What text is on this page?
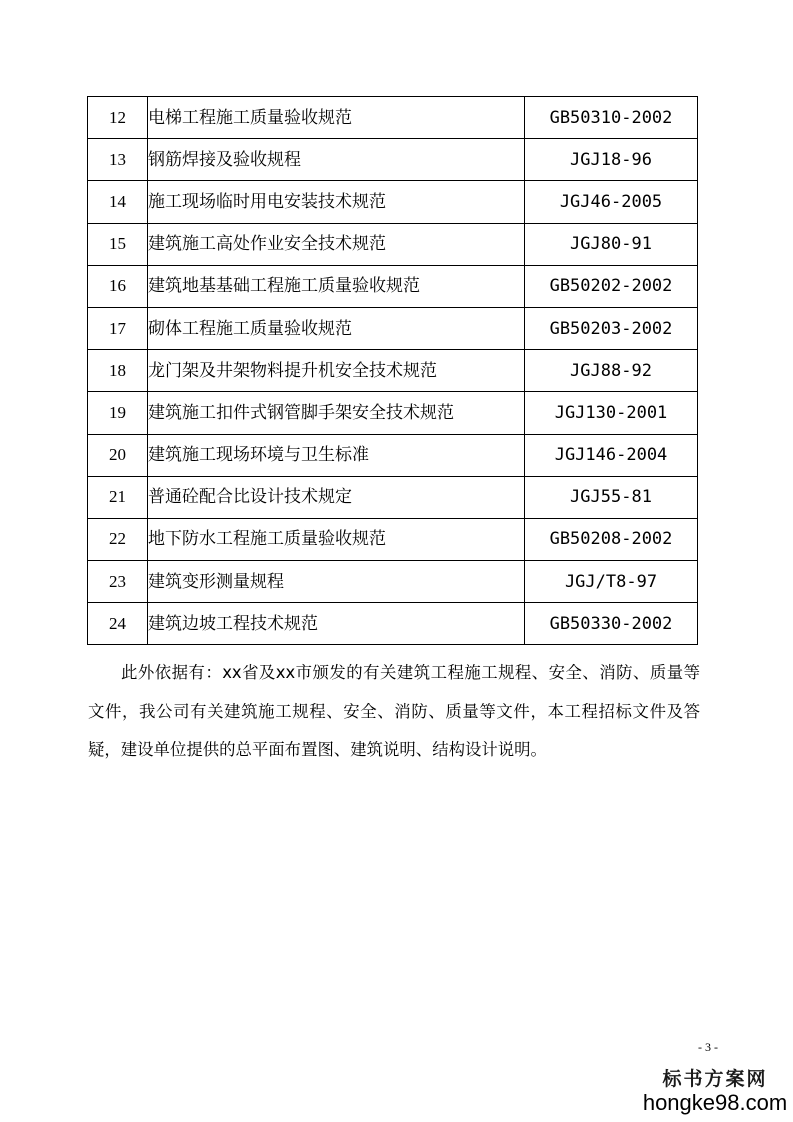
12	电梯工程施工质量验收规范	GB50310-2002
13	钢筋焊接及验收规程	JGJ18-96
14	施工现场临时用电安装技术规范	JGJ46-2005
15	建筑施工高处作业安全技术规范	JGJ80-91
16	建筑地基基础工程施工质量验收规范	GB50202-2002
17	砌体工程施工质量验收规范	GB50203-2002
18	龙门架及井架物料提升机安全技术规范	JGJ88-92
19	建筑施工扣件式钢管脚手架安全技术规范	JGJ130-2001
20	建筑施工现场环境与卫生标准	JGJ146-2004
21	普通砼配合比设计技术规定	JGJ55-81
22	地下防水工程施工质量验收规范	GB50208-2002
23	建筑变形测量规程	JGJ/T8-97
24	建筑边坡工程技术规范	GB50330-2002

此外依据有：xx省及xx市颁发的有关建筑工程施工规程、安全、消防、质量等文件，我公司有关建筑施工规程、安全、消防、质量等文件，本工程招标文件及答疑，建设单位提供的总平面布置图、建筑说明、结构设计说明。

- 3 -
标书方案网
hongke98.com
